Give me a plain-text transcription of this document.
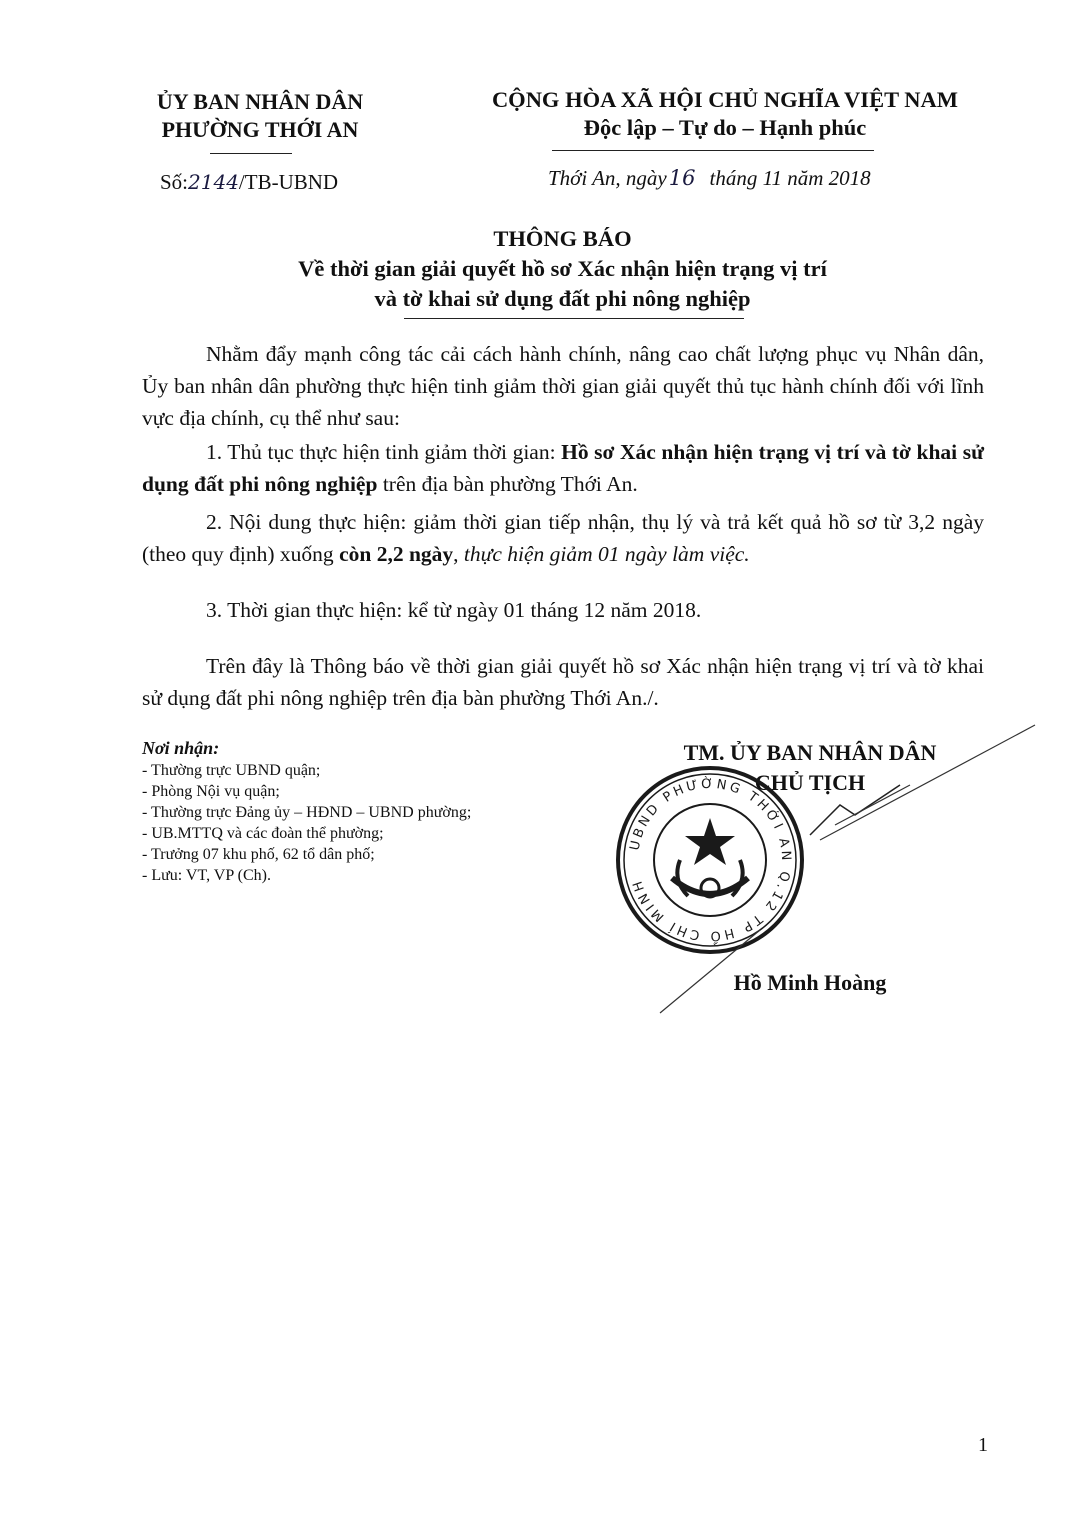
ỦY BAN NHÂN DÂN
PHƯỜNG THỚI AN
Số:2144/TB-UBND
CỘNG HÒA XÃ HỘI CHỦ NGHĨA VIỆT NAM
Độc lập – Tự do – Hạnh phúc
Thới An, ngày16 tháng 11 năm 2018
THÔNG BÁO
Về thời gian giải quyết hồ sơ Xác nhận hiện trạng vị trí
và tờ khai sử dụng đất phi nông nghiệp
Nhằm đẩy mạnh công tác cải cách hành chính, nâng cao chất lượng phục vụ Nhân dân, Ủy ban nhân dân phường thực hiện tinh giảm thời gian giải quyết thủ tục hành chính đối với lĩnh vực địa chính, cụ thể như sau:
1. Thủ tục thực hiện tinh giảm thời gian: Hồ sơ Xác nhận hiện trạng vị trí và tờ khai sử dụng đất phi nông nghiệp trên địa bàn phường Thới An.
2. Nội dung thực hiện: giảm thời gian tiếp nhận, thụ lý và trả kết quả hồ sơ từ 3,2 ngày (theo quy định) xuống còn 2,2 ngày, thực hiện giảm 01 ngày làm việc.
3. Thời gian thực hiện: kể từ ngày 01 tháng 12 năm 2018.
Trên đây là Thông báo về thời gian giải quyết hồ sơ Xác nhận hiện trạng vị trí và tờ khai sử dụng đất phi nông nghiệp trên địa bàn phường Thới An./.
Nơi nhận:
- Thường trực UBND quận;
- Phòng Nội vụ quận;
- Thường trực Đảng ủy – HĐND – UBND phường;
- UB.MTTQ và các đoàn thể phường;
- Trưởng 07 khu phố, 62 tổ dân phố;
- Lưu: VT, VP (Ch).
TM. ỦY BAN NHÂN DÂN
CHỦ TỊCH
UBND PHƯỜNG THỚI AN Q.12 TP HỒ CHÍ MINH
Hồ Minh Hoàng
1
